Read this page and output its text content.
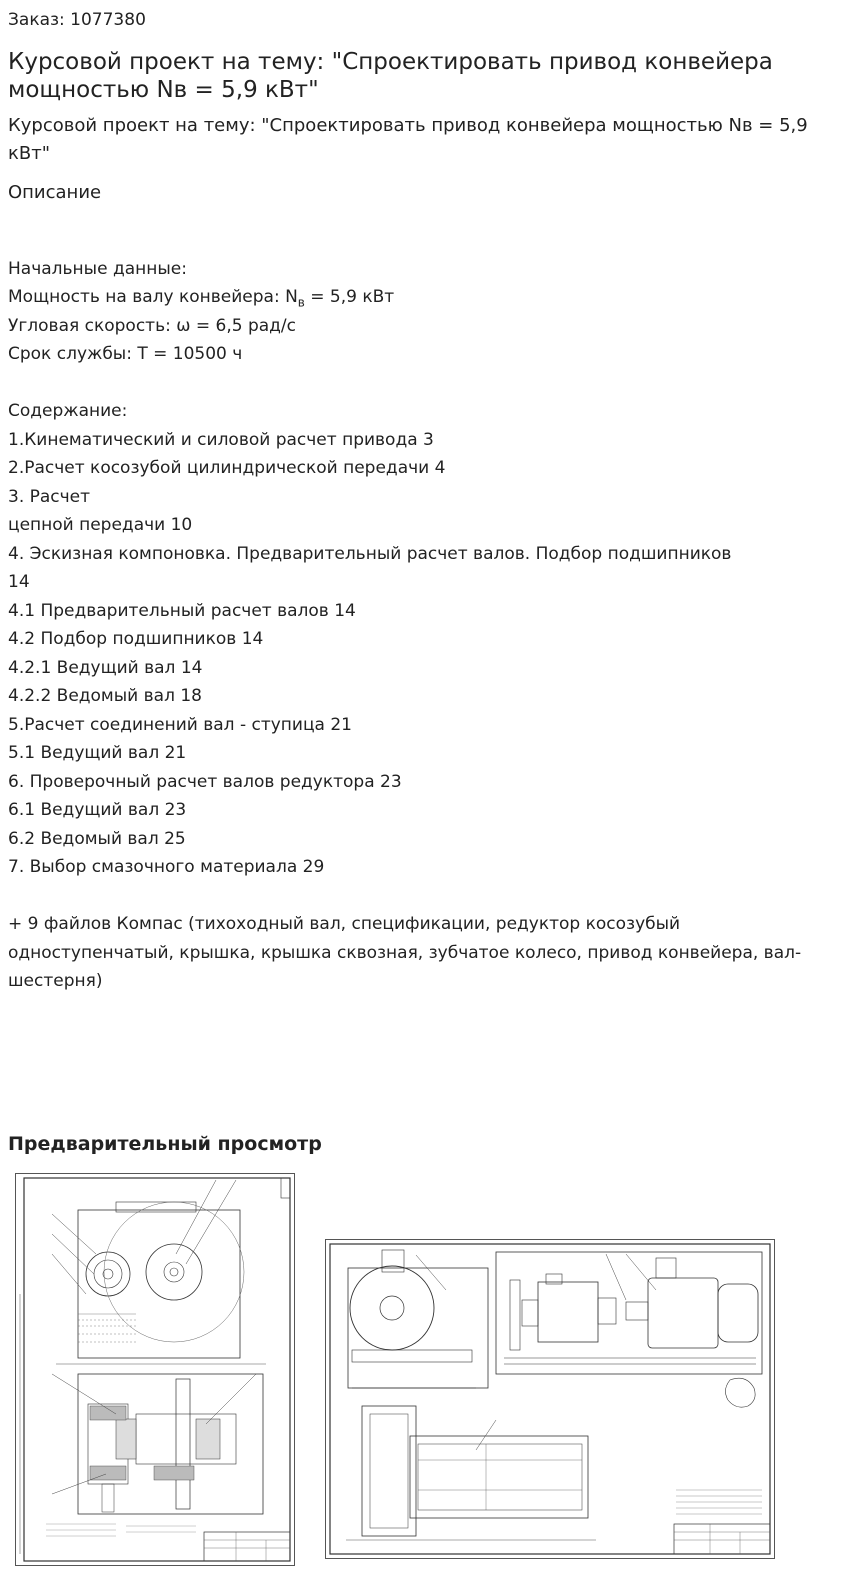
Заказ: 1077380
Курсовой проект на тему: "Спроектировать привод конвейера мощностью Nв = 5,9 кВт"
Курсовой проект на тему: "Спроектировать привод конвейера мощностью Nв = 5,9 кВт"
Описание
Начальные данные:
Мощность на валу конвейера: $N_в = 5,9$ кВт
Угловая скорость: ω = 6,5 рад/с
Срок службы: T = 10500 ч
Содержание:
1.Кинематический и силовой расчет привода 3
2.Расчет косозубой цилиндрической передачи 4
3. Расчет
цепной передачи 10
4. Эскизная компоновка. Предварительный расчет валов. Подбор подшипников
14
4.1 Предварительный расчет валов 14
4.2 Подбор подшипников 14
4.2.1 Ведущий вал 14
4.2.2 Ведомый вал 18
5.Расчет соединений вал - ступица 21
5.1 Ведущий вал 21
6. Проверочный расчет валов редуктора 23
6.1 Ведущий вал 23
6.2 Ведомый вал 25
7. Выбор смазочного материала 29
+ 9 файлов Компас (тихоходный вал, спецификации, редуктор косозубый одноступенчатый, крышка, крышка сквозная, зубчатое колесо, привод конвейера, вал-шестерня)
Предварительный просмотр
